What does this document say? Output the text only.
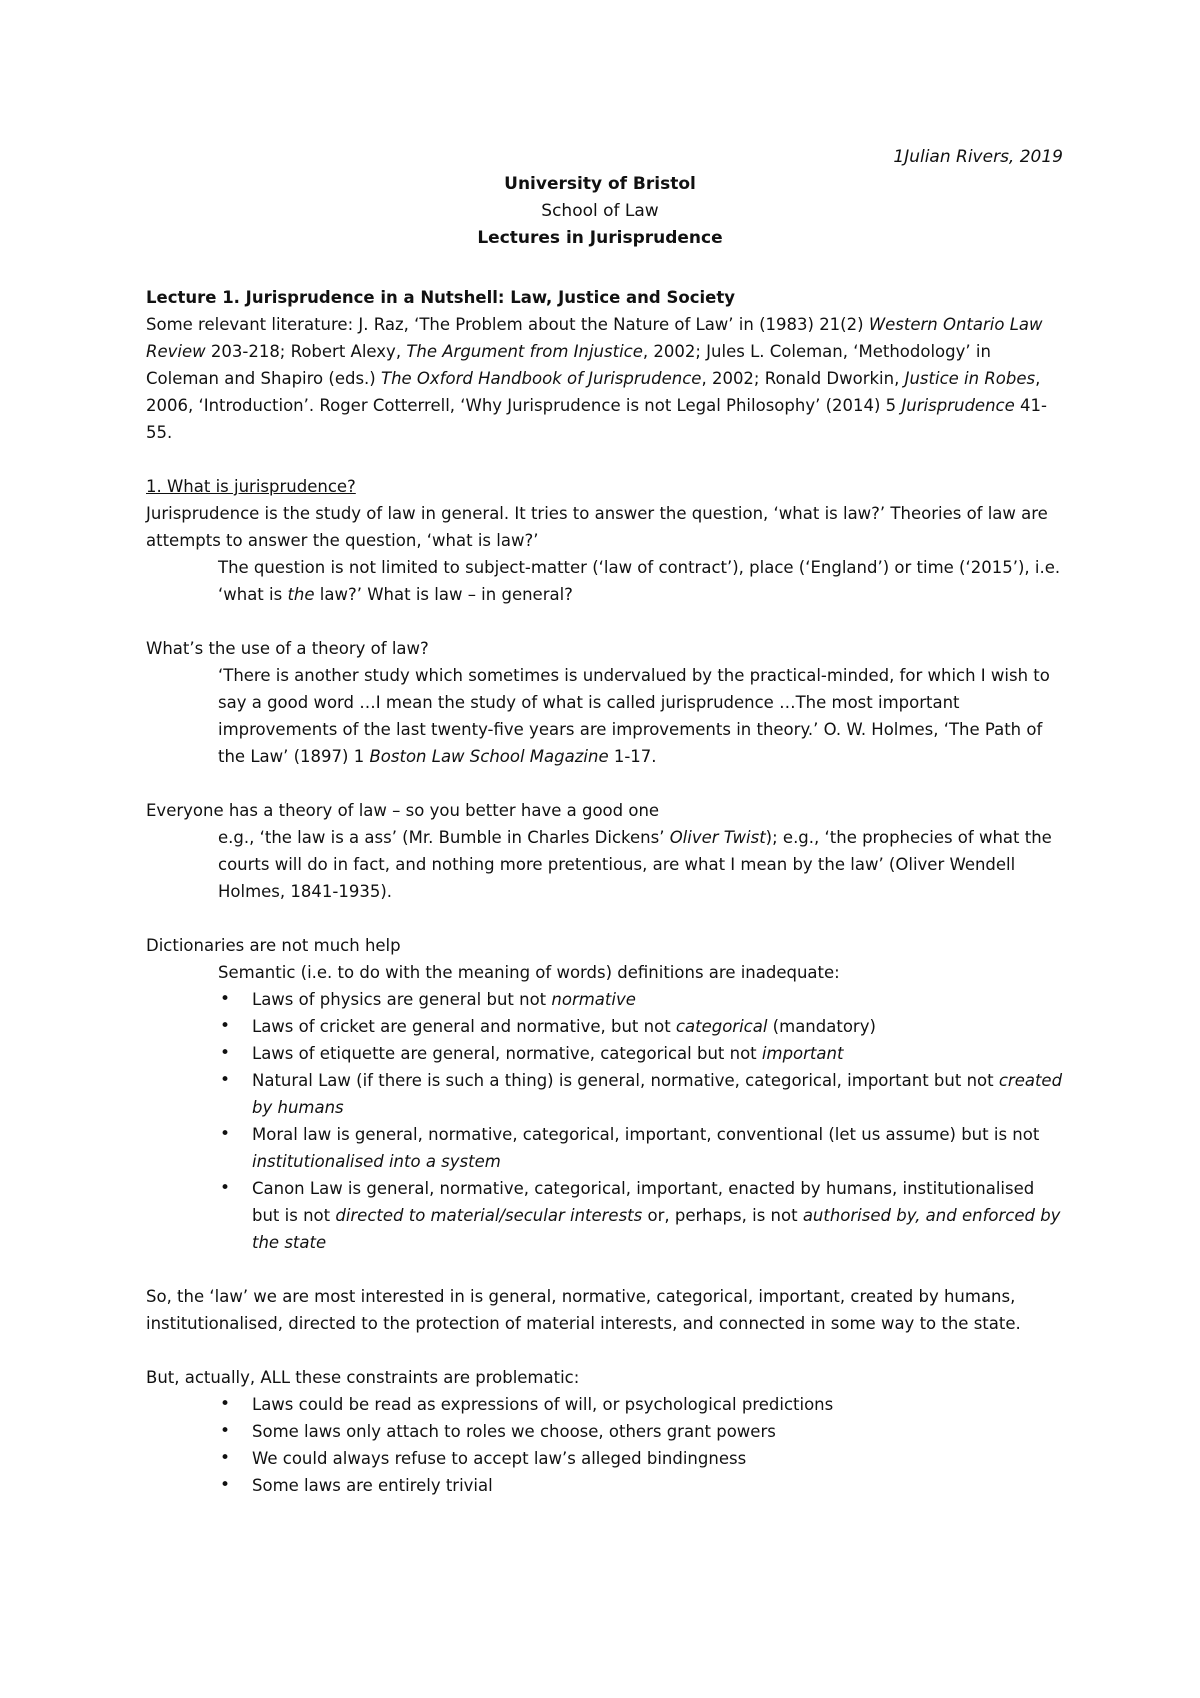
1Julian Rivers, 2019
University of Bristol
School of Law
Lectures in Jurisprudence

Lecture 1. Jurisprudence in a Nutshell: Law, Justice and Society

Some relevant literature: J. Raz, ‘The Problem about the Nature of Law’ in (1983) 21(2) Western Ontario Law Review 203-218; Robert Alexy, The Argument from Injustice, 2002; Jules L. Coleman, ‘Methodology’ in Coleman and Shapiro (eds.) The Oxford Handbook of Jurisprudence, 2002; Ronald Dworkin, Justice in Robes, 2006, ‘Introduction’. Roger Cotterrell, ‘Why Jurisprudence is not Legal Philosophy’ (2014) 5 Jurisprudence 41-55.

1. What is jurisprudence?

Jurisprudence is the study of law in general. It tries to answer the question, ‘what is law?’ Theories of law are attempts to answer the question, ‘what is law?’

The question is not limited to subject-matter (‘law of contract’), place (‘England’) or time (‘2015’), i.e. ‘what is the law?’ What is law – in general?

What’s the use of a theory of law?

‘There is another study which sometimes is undervalued by the practical-minded, for which I wish to say a good word …I mean the study of what is called jurisprudence …The most important improvements of the last twenty-five years are improvements in theory.’ O. W. Holmes, ‘The Path of the Law’ (1897) 1 Boston Law School Magazine 1-17.

Everyone has a theory of law – so you better have a good one

e.g., ‘the law is a ass’ (Mr. Bumble in Charles Dickens’ Oliver Twist); e.g., ‘the prophecies of what the courts will do in fact, and nothing more pretentious, are what I mean by the law’ (Oliver Wendell Holmes, 1841-1935).

Dictionaries are not much help

Semantic (i.e. to do with the meaning of words) definitions are inadequate:

• Laws of physics are general but not normative
• Laws of cricket are general and normative, but not categorical (mandatory)
• Laws of etiquette are general, normative, categorical but not important
• Natural Law (if there is such a thing) is general, normative, categorical, important but not created by humans
• Moral law is general, normative, categorical, important, conventional (let us assume) but is not institutionalised into a system
• Canon Law is general, normative, categorical, important, enacted by humans, institutionalised but is not directed to material/secular interests or, perhaps, is not authorised by, and enforced by the state

So, the ‘law’ we are most interested in is general, normative, categorical, important, created by humans, institutionalised, directed to the protection of material interests, and connected in some way to the state.

But, actually, ALL these constraints are problematic:

• Laws could be read as expressions of will, or psychological predictions
• Some laws only attach to roles we choose, others grant powers
• We could always refuse to accept law’s alleged bindingness
• Some laws are entirely trivial
